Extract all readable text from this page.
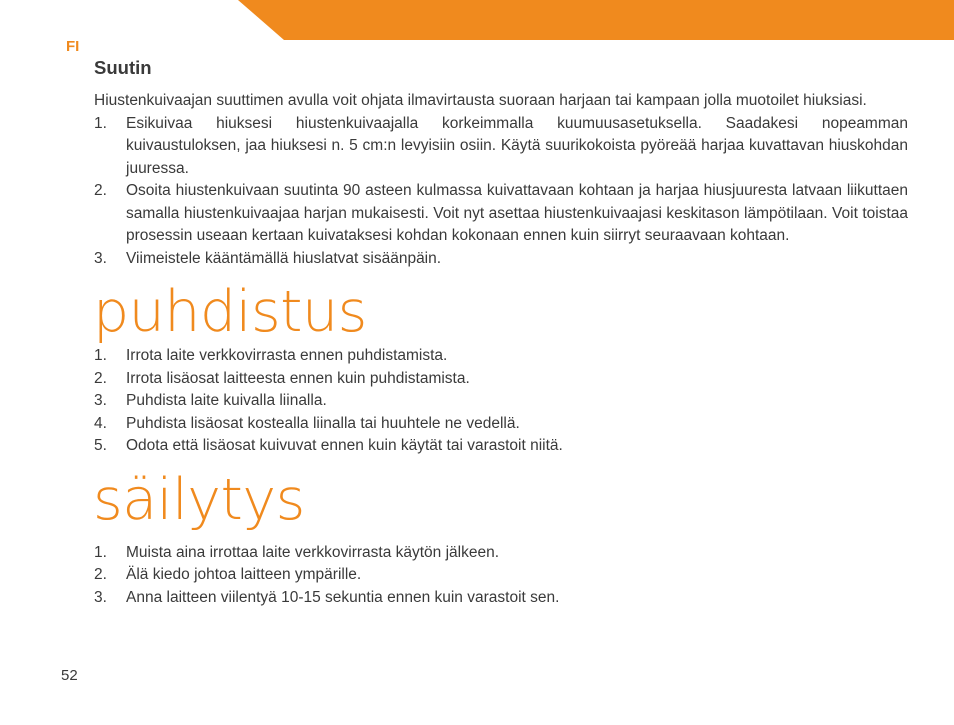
FI
Suutin

Hiustenkuivaajan suuttimen avulla voit ohjata ilmavirtausta suoraan harjaan tai kampaan jolla muotoilet hiuksiasi.

1. Esikuivaa hiuksesi hiustenkuivaajalla korkeimmalla kuumuusasetuksella. Saadakesi nopeamman kuivaustuloksen, jaa hiuksesi n. 5 cm:n levyisiin osiin. Käytä suurikokoista pyöreää harjaa kuvattavan hiuskohdan juuressa.
2. Osoita hiustenkuivaan suutinta 90 asteen kulmassa kuivattavaan kohtaan ja harjaa hiusjuuresta latvaan liikuttaen samalla hiustenkuivaajaa harjan mukaisesti. Voit nyt asettaa hiustenkuivaajasi keskitason lämpötilaan. Voit toistaa prosessin useaan kertaan kuivataksesi kohdan kokonaan ennen kuin siirryt seuraavaan kohtaan.
3. Viimeistele kääntämällä hiuslatvat sisäänpäin.
puhdistus
1. Irrota laite verkkovirrasta ennen puhdistamista.
2. Irrota lisäosat laitteesta ennen kuin puhdistamista.
3. Puhdista laite kuivalla liinalla.
4. Puhdista lisäosat kostealla liinalla tai huuhtele ne vedellä.
5. Odota että lisäosat kuivuvat ennen kuin käytät tai varastoit niitä.
säilytys
1. Muista aina irrottaa laite verkkovirrasta käytön jälkeen.
2. Älä kiedo johtoa laitteen ympärille.
3. Anna laitteen viilentyä 10-15 sekuntia ennen kuin varastoit sen.
52
